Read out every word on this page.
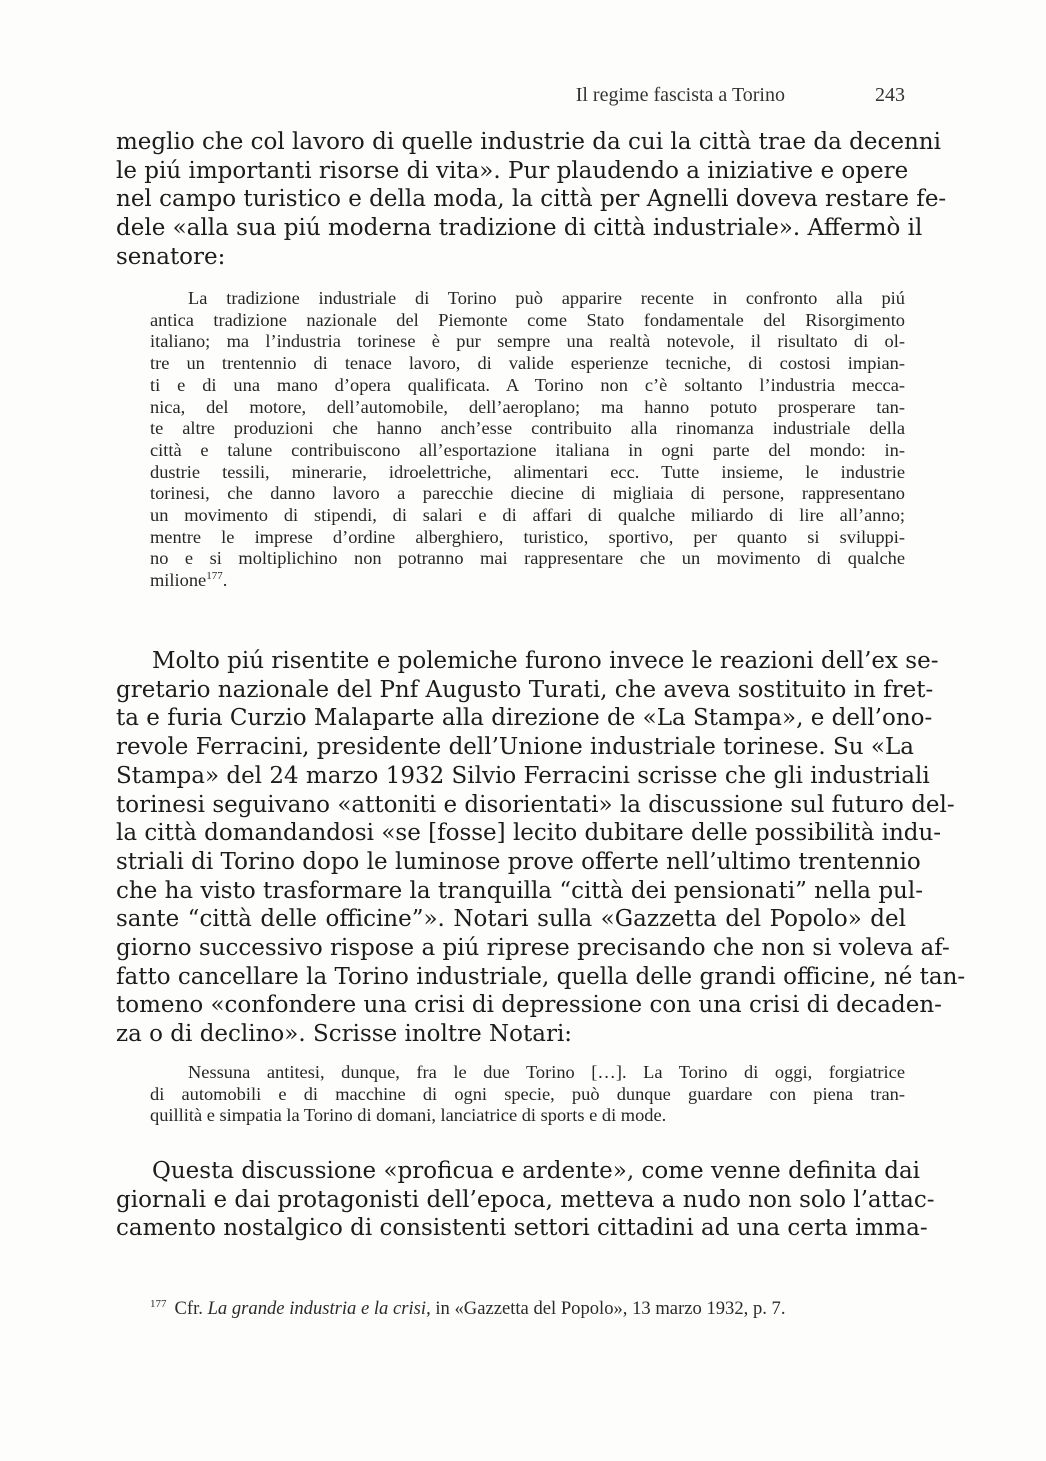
Il regime fascista a Torino	243
meglio che col lavoro di quelle industrie da cui la città trae da decenni
le piú importanti risorse di vita». Pur plaudendo a iniziative e opere
nel campo turistico e della moda, la città per Agnelli doveva restare fe-
dele «alla sua piú moderna tradizione di città industriale». Affermò il
senatore:
La tradizione industriale di Torino può apparire recente in confronto alla piú
antica tradizione nazionale del Piemonte come Stato fondamentale del Risorgimento
italiano; ma l’industria torinese è pur sempre una realtà notevole, il risultato di ol-
tre un trentennio di tenace lavoro, di valide esperienze tecniche, di costosi impian-
ti e di una mano d’opera qualificata. A Torino non c’è soltanto l’industria mecca-
nica, del motore, dell’automobile, dell’aeroplano; ma hanno potuto prosperare tan-
te altre produzioni che hanno anch’esse contribuito alla rinomanza industriale della
città e talune contribuiscono all’esportazione italiana in ogni parte del mondo: in-
dustrie tessili, minerarie, idroelettriche, alimentari ecc. Tutte insieme, le industrie
torinesi, che danno lavoro a parecchie diecine di migliaia di persone, rappresentano
un movimento di stipendi, di salari e di affari di qualche miliardo di lire all’anno;
mentre le imprese d’ordine alberghiero, turistico, sportivo, per quanto si sviluppi-
no e si moltiplichino non potranno mai rappresentare che un movimento di qualche
milione$^{177}$.
Molto piú risentite e polemiche furono invece le reazioni dell’ex se-
gretario nazionale del Pnf Augusto Turati, che aveva sostituito in fret-
ta e furia Curzio Malaparte alla direzione de «La Stampa», e dell’ono-
revole Ferracini, presidente dell’Unione industriale torinese. Su «La
Stampa» del 24 marzo 1932 Silvio Ferracini scrisse che gli industriali
torinesi seguivano «attoniti e disorientati» la discussione sul futuro del-
la città domandandosi «se [fosse] lecito dubitare delle possibilità indu-
striali di Torino dopo le luminose prove offerte nell’ultimo trentennio
che ha visto trasformare la tranquilla “città dei pensionati” nella pul-
sante “città delle officine”». Notari sulla «Gazzetta del Popolo» del
giorno successivo rispose a piú riprese precisando che non si voleva af-
fatto cancellare la Torino industriale, quella delle grandi officine, né tan-
tomeno «confondere una crisi di depressione con una crisi di decaden-
za o di declino». Scrisse inoltre Notari:
Nessuna antitesi, dunque, fra le due Torino […]. La Torino di oggi, forgiatrice
di automobili e di macchine di ogni specie, può dunque guardare con piena tran-
quillità e simpatia la Torino di domani, lanciatrice di sports e di mode.
Questa discussione «proficua e ardente», come venne definita dai
giornali e dai protagonisti dell’epoca, metteva a nudo non solo l’attac-
camento nostalgico di consistenti settori cittadini ad una certa imma-
$^{177}$ Cfr. La grande industria e la crisi, in «Gazzetta del Popolo», 13 marzo 1932, p. 7.
